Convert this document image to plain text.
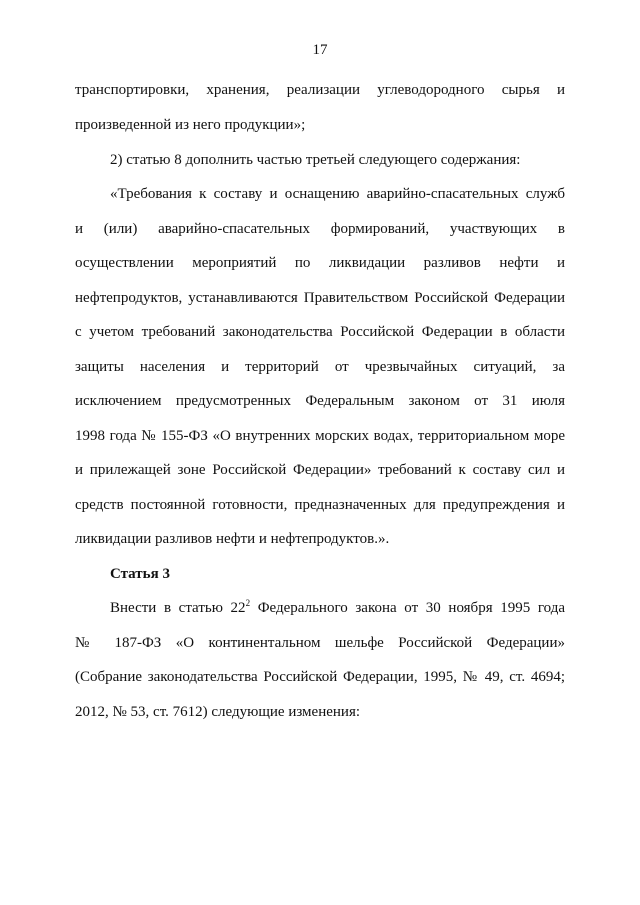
17
транспортировки, хранения, реализации углеводородного сырья и
произведенной из него продукции»;
2) статью 8 дополнить частью третьей следующего содержания:
«Требования к составу и оснащению аварийно-спасательных служб
и (или) аварийно-спасательных формирований, участвующих в
осуществлении мероприятий по ликвидации разливов нефти и
нефтепродуктов, устанавливаются Правительством Российской Федерации
с учетом требований законодательства Российской Федерации в области
защиты населения и территорий от чрезвычайных ситуаций, за
исключением предусмотренных Федеральным законом от 31 июля
1998 года № 155-ФЗ «О внутренних морских водах, территориальном море
и прилежащей зоне Российской Федерации» требований к составу сил и
средств постоянной готовности, предназначенных для предупреждения и
ликвидации разливов нефти и нефтепродуктов.».
Статья 3
Внести в статью $22^2$ Федерального закона от 30 ноября 1995 года
№ 187-ФЗ «О континентальном шельфе Российской Федерации»
(Собрание законодательства Российской Федерации, 1995, № 49, ст. 4694;
2012, № 53, ст. 7612) следующие изменения:
